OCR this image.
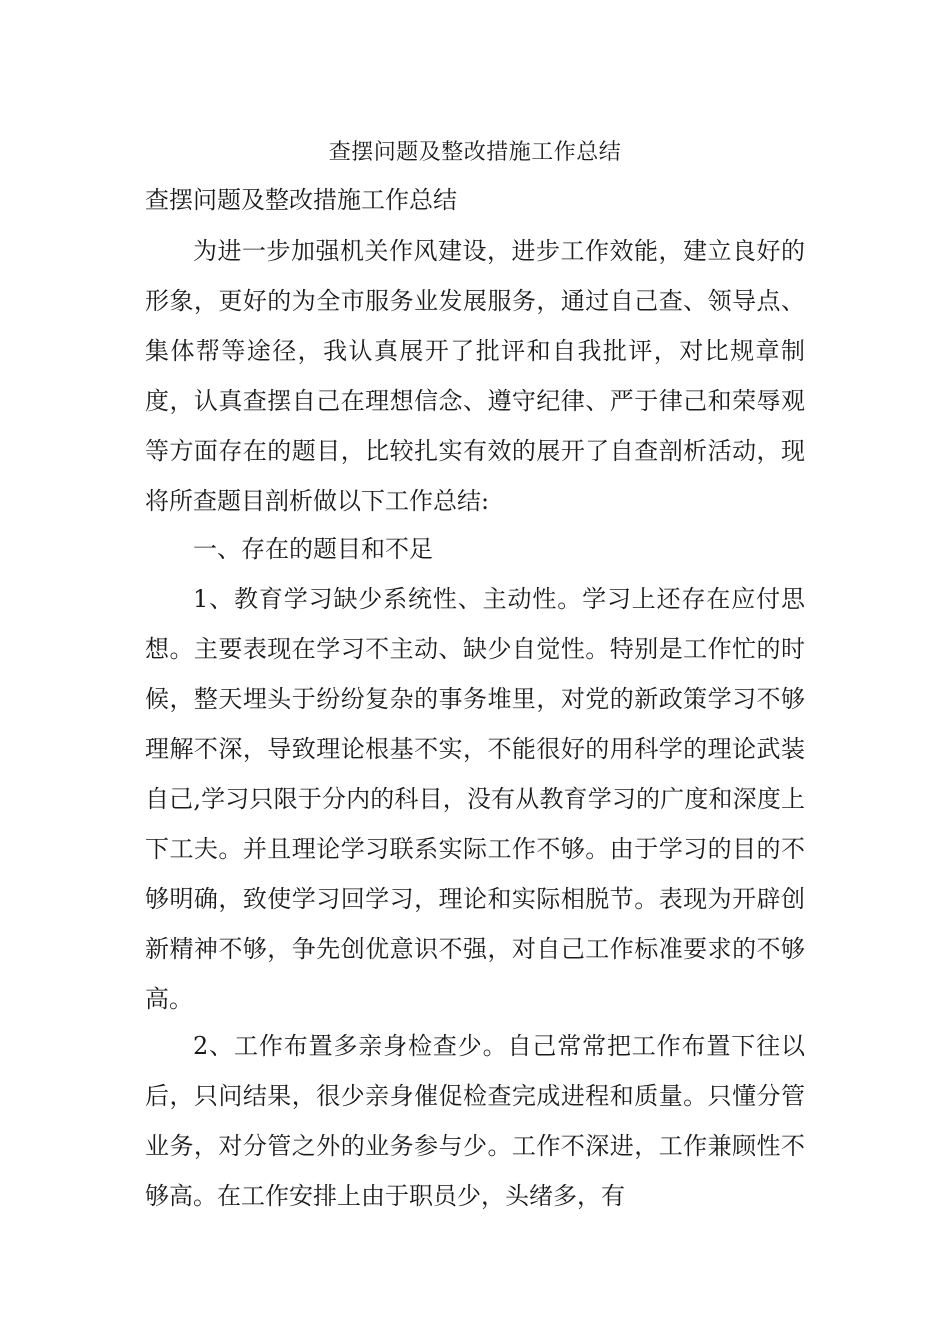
查摆问题及整改措施工作总结
查摆问题及整改措施工作总结

为进一步加强机关作风建设，进步工作效能，建立良好的形象，更好的为全市服务业发展服务，通过自己查、领导点、集体帮等途径，我认真展开了批评和自我批评，对比规章制度，认真查摆自己在理想信念、遵守纪律、严于律己和荣辱观等方面存在的题目，比较扎实有效的展开了自查剖析活动，现将所查题目剖析做以下工作总结:

一、存在的题目和不足

1、教育学习缺少系统性、主动性。学习上还存在应付思想。主要表现在学习不主动、缺少自觉性。特别是工作忙的时候，整天埋头于纷纷复杂的事务堆里，对党的新政策学习不够理解不深，导致理论根基不实，不能很好的用科学的理论武装自己,学习只限于分内的科目，没有从教育学习的广度和深度上下工夫。并且理论学习联系实际工作不够。由于学习的目的不够明确，致使学习回学习，理论和实际相脱节。表现为开辟创新精神不够，争先创优意识不强，对自己工作标准要求的不够高。

2、工作布置多亲身检查少。自己常常把工作布置下往以后，只问结果，很少亲身催促检查完成进程和质量。只懂分管业务，对分管之外的业务参与少。工作不深进，工作兼顾性不够高。在工作安排上由于职员少，头绪多，有
